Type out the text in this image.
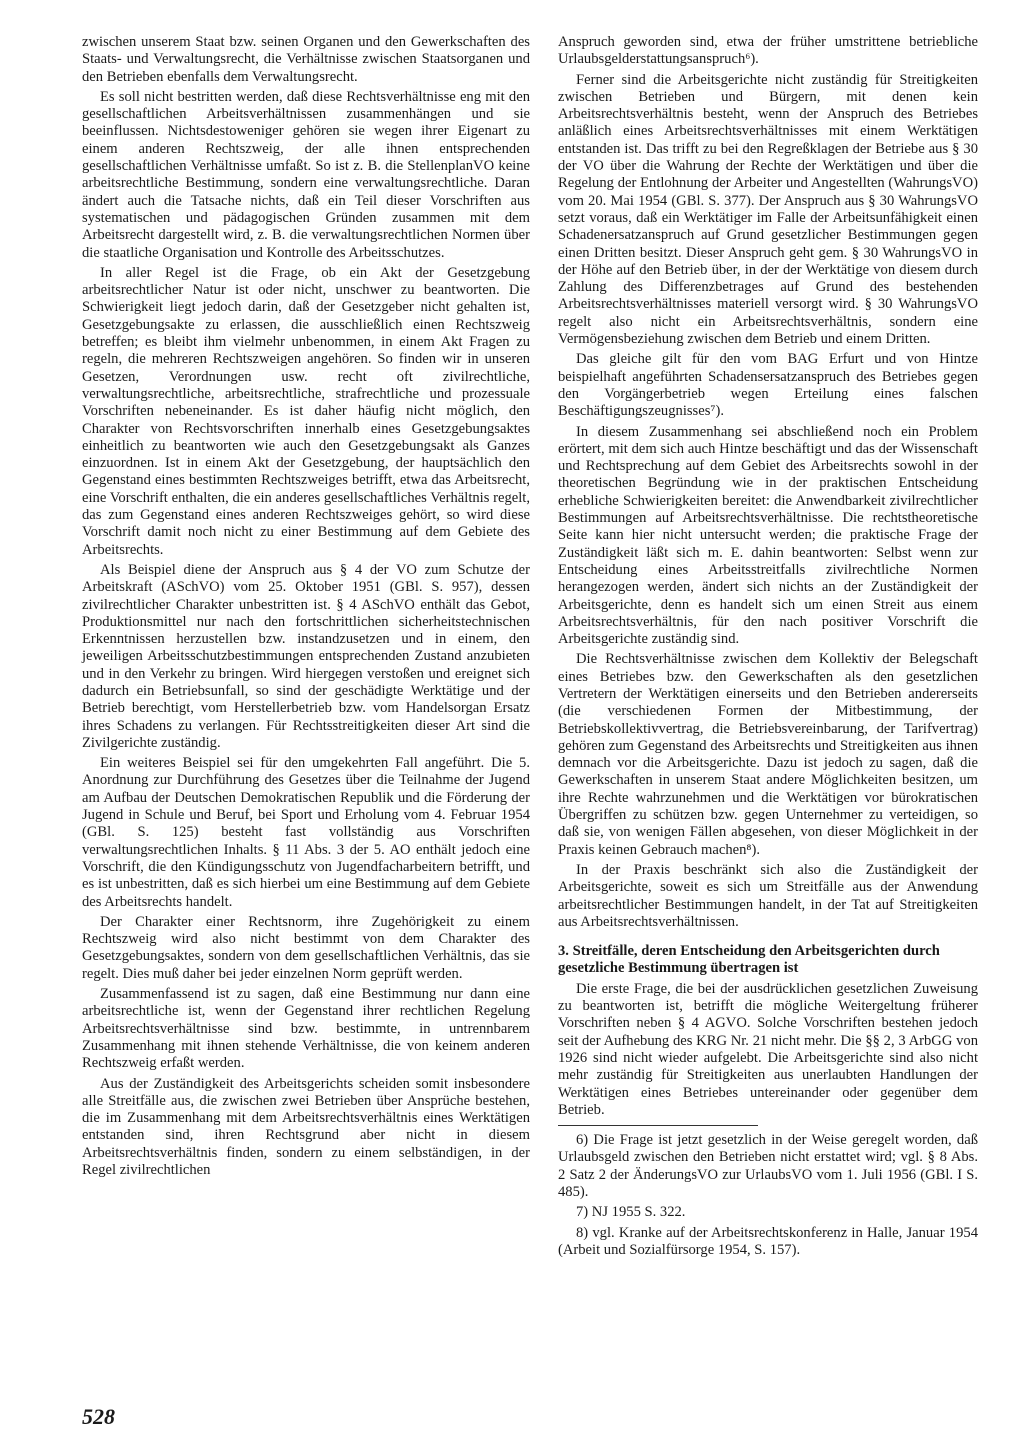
zwischen unserem Staat bzw. seinen Organen und den Gewerkschaften des Staats- und Verwaltungsrecht, die Verhältnisse zwischen Staatsorganen und den Betrieben ebenfalls dem Verwaltungsrecht.

Es soll nicht bestritten werden, daß diese Rechtsverhältnisse eng mit den gesellschaftlichen Arbeitsverhältnissen zusammenhängen und sie beeinflussen. Nichtsdestoweniger gehören sie wegen ihrer Eigenart zu einem anderen Rechtszweig, der alle ihnen entsprechenden gesellschaftlichen Verhältnisse umfaßt. So ist z. B. die StellenplanVO keine arbeitsrechtliche Bestimmung, sondern eine verwaltungsrechtliche. Daran ändert auch die Tatsache nichts, daß ein Teil dieser Vorschriften aus systematischen und pädagogischen Gründen zusammen mit dem Arbeitsrecht dargestellt wird, z. B. die verwaltungsrechtlichen Normen über die staatliche Organisation und Kontrolle des Arbeitsschutzes.

In aller Regel ist die Frage, ob ein Akt der Gesetzgebung arbeitsrechtlicher Natur ist oder nicht, unschwer zu beantworten. Die Schwierigkeit liegt jedoch darin, daß der Gesetzgeber nicht gehalten ist, Gesetzgebungsakte zu erlassen, die ausschließlich einen Rechtszweig betreffen; es bleibt ihm vielmehr unbenommen, in einem Akt Fragen zu regeln, die mehreren Rechtszweigen angehören. So finden wir in unseren Gesetzen, Verordnungen usw. recht oft zivilrechtliche, verwaltungsrechtliche, arbeitsrechtliche, strafrechtliche und prozessuale Vorschriften nebeneinander. Es ist daher häufig nicht möglich, den Charakter von Rechtsvorschriften innerhalb eines Gesetzgebungsaktes einheitlich zu beantworten wie auch den Gesetzgebungsakt als Ganzes einzuordnen. Ist in einem Akt der Gesetzgebung, der hauptsächlich den Gegenstand eines bestimmten Rechtszweiges betrifft, etwa das Arbeitsrecht, eine Vorschrift enthalten, die ein anderes gesellschaftliches Verhältnis regelt, das zum Gegenstand eines anderen Rechtszweiges gehört, so wird diese Vorschrift damit noch nicht zu einer Bestimmung auf dem Gebiete des Arbeitsrechts.

Als Beispiel diene der Anspruch aus § 4 der VO zum Schutze der Arbeitskraft (ASchVO) vom 25. Oktober 1951 (GBl. S. 957), dessen zivilrechtlicher Charakter unbestritten ist. § 4 ASchVO enthält das Gebot, Produktionsmittel nur nach den fortschrittlichen sicherheitstechnischen Erkenntnissen herzustellen bzw. instandzusetzen und in einem, den jeweiligen Arbeitsschutzbestimmungen entsprechenden Zustand anzubieten und in den Verkehr zu bringen. Wird hiergegen verstoßen und ereignet sich dadurch ein Betriebsunfall, so sind der geschädigte Werktätige und der Betrieb berechtigt, vom Herstellerbetrieb bzw. vom Handelsorgan Ersatz ihres Schadens zu verlangen. Für Rechtsstreitigkeiten dieser Art sind die Zivilgerichte zuständig.

Ein weiteres Beispiel sei für den umgekehrten Fall angeführt. Die 5. Anordnung zur Durchführung des Gesetzes über die Teilnahme der Jugend am Aufbau der Deutschen Demokratischen Republik und die Förderung der Jugend in Schule und Beruf, bei Sport und Erholung vom 4. Februar 1954 (GBl. S. 125) besteht fast vollständig aus Vorschriften verwaltungsrechtlichen Inhalts. § 11 Abs. 3 der 5. AO enthält jedoch eine Vorschrift, die den Kündigungsschutz von Jugendfacharbeitern betrifft, und es ist unbestritten, daß es sich hierbei um eine Bestimmung auf dem Gebiete des Arbeitsrechts handelt.

Der Charakter einer Rechtsnorm, ihre Zugehörigkeit zu einem Rechtszweig wird also nicht bestimmt von dem Charakter des Gesetzgebungsaktes, sondern von dem gesellschaftlichen Verhältnis, das sie regelt. Dies muß daher bei jeder einzelnen Norm geprüft werden.

Zusammenfassend ist zu sagen, daß eine Bestimmung nur dann eine arbeitsrechtliche ist, wenn der Gegenstand ihrer rechtlichen Regelung Arbeitsrechtsverhältnisse sind bzw. bestimmte, in untrennbarem Zusammenhang mit ihnen stehende Verhältnisse, die von keinem anderen Rechtszweig erfaßt werden.

Aus der Zuständigkeit des Arbeitsgerichts scheiden somit insbesondere alle Streitfälle aus, die zwischen zwei Betrieben über Ansprüche bestehen, die im Zusammenhang mit dem Arbeitsrechtsverhältnis eines Werktätigen entstanden sind, ihren Rechtsgrund aber nicht in diesem Arbeitsrechtsverhältnis finden, sondern zu einem selbständigen, in der Regel zivilrechtlichen

Anspruch geworden sind, etwa der früher umstrittene betriebliche Urlaubsgelderstattungsanspruch⁶).

Ferner sind die Arbeitsgerichte nicht zuständig für Streitigkeiten zwischen Betrieben und Bürgern, mit denen kein Arbeitsrechtsverhältnis besteht, wenn der Anspruch des Betriebes anläßlich eines Arbeitsrechtsverhältnisses mit einem Werktätigen entstanden ist. Das trifft zu bei den Regreßklagen der Betriebe aus § 30 der VO über die Wahrung der Rechte der Werktätigen und über die Regelung der Entlohnung der Arbeiter und Angestellten (WahrungsVO) vom 20. Mai 1954 (GBl. S. 377). Der Anspruch aus § 30 WahrungsVO setzt voraus, daß ein Werktätiger im Falle der Arbeitsunfähigkeit einen Schadenersatzanspruch auf Grund gesetzlicher Bestimmungen gegen einen Dritten besitzt. Dieser Anspruch geht gem. § 30 WahrungsVO in der Höhe auf den Betrieb über, in der der Werktätige von diesem durch Zahlung des Differenzbetrages auf Grund des bestehenden Arbeitsrechtsverhältnisses materiell versorgt wird. § 30 WahrungsVO regelt also nicht ein Arbeitsrechtsverhältnis, sondern eine Vermögensbeziehung zwischen dem Betrieb und einem Dritten.

Das gleiche gilt für den vom BAG Erfurt und von Hintze beispielhaft angeführten Schadensersatzanspruch des Betriebes gegen den Vorgängerbetrieb wegen Erteilung eines falschen Beschäftigungszeugnisses⁷).

In diesem Zusammenhang sei abschließend noch ein Problem erörtert, mit dem sich auch Hintze beschäftigt und das der Wissenschaft und Rechtsprechung auf dem Gebiet des Arbeitsrechts sowohl in der theoretischen Begründung wie in der praktischen Entscheidung erhebliche Schwierigkeiten bereitet: die Anwendbarkeit zivilrechtlicher Bestimmungen auf Arbeitsrechtsverhältnisse. Die rechtstheoretische Seite kann hier nicht untersucht werden; die praktische Frage der Zuständigkeit läßt sich m. E. dahin beantworten: Selbst wenn zur Entscheidung eines Arbeitsstreitfalls zivilrechtliche Normen herangezogen werden, ändert sich nichts an der Zuständigkeit der Arbeitsgerichte, denn es handelt sich um einen Streit aus einem Arbeitsrechtsverhältnis, für den nach positiver Vorschrift die Arbeitsgerichte zuständig sind.

Die Rechtsverhältnisse zwischen dem Kollektiv der Belegschaft eines Betriebes bzw. den Gewerkschaften als den gesetzlichen Vertretern der Werktätigen einerseits und den Betrieben andererseits (die verschiedenen Formen der Mitbestimmung, der Betriebskollektivvertrag, die Betriebsvereinbarung, der Tarifvertrag) gehören zum Gegenstand des Arbeitsrechts und Streitigkeiten aus ihnen demnach vor die Arbeitsgerichte. Dazu ist jedoch zu sagen, daß die Gewerkschaften in unserem Staat andere Möglichkeiten besitzen, um ihre Rechte wahrzunehmen und die Werktätigen vor bürokratischen Übergriffen zu schützen bzw. gegen Unternehmer zu verteidigen, so daß sie, von wenigen Fällen abgesehen, von dieser Möglichkeit in der Praxis keinen Gebrauch machen⁸).

In der Praxis beschränkt sich also die Zuständigkeit der Arbeitsgerichte, soweit es sich um Streitfälle aus der Anwendung arbeitsrechtlicher Bestimmungen handelt, in der Tat auf Streitigkeiten aus Arbeitsrechtsverhältnissen.

3. Streitfälle, deren Entscheidung den Arbeitsgerichten durch gesetzliche Bestimmung übertragen ist

Die erste Frage, die bei der ausdrücklichen gesetzlichen Zuweisung zu beantworten ist, betrifft die mögliche Weitergeltung früherer Vorschriften neben § 4 AGVO. Solche Vorschriften bestehen jedoch seit der Aufhebung des KRG Nr. 21 nicht mehr. Die §§ 2, 3 ArbGG von 1926 sind nicht wieder aufgelebt. Die Arbeitsgerichte sind also nicht mehr zuständig für Streitigkeiten aus unerlaubten Handlungen der Werktätigen eines Betriebes untereinander oder gegenüber dem Betrieb.

6) Die Frage ist jetzt gesetzlich in der Weise geregelt worden, daß Urlaubsgeld zwischen den Betrieben nicht erstattet wird; vgl. § 8 Abs. 2 Satz 2 der ÄnderungsVO zur UrlaubsVO vom 1. Juli 1956 (GBl. I S. 485).

7) NJ 1955 S. 322.

8) vgl. Kranke auf der Arbeitsrechtskonferenz in Halle, Januar 1954 (Arbeit und Sozialfürsorge 1954, S. 157).

528
